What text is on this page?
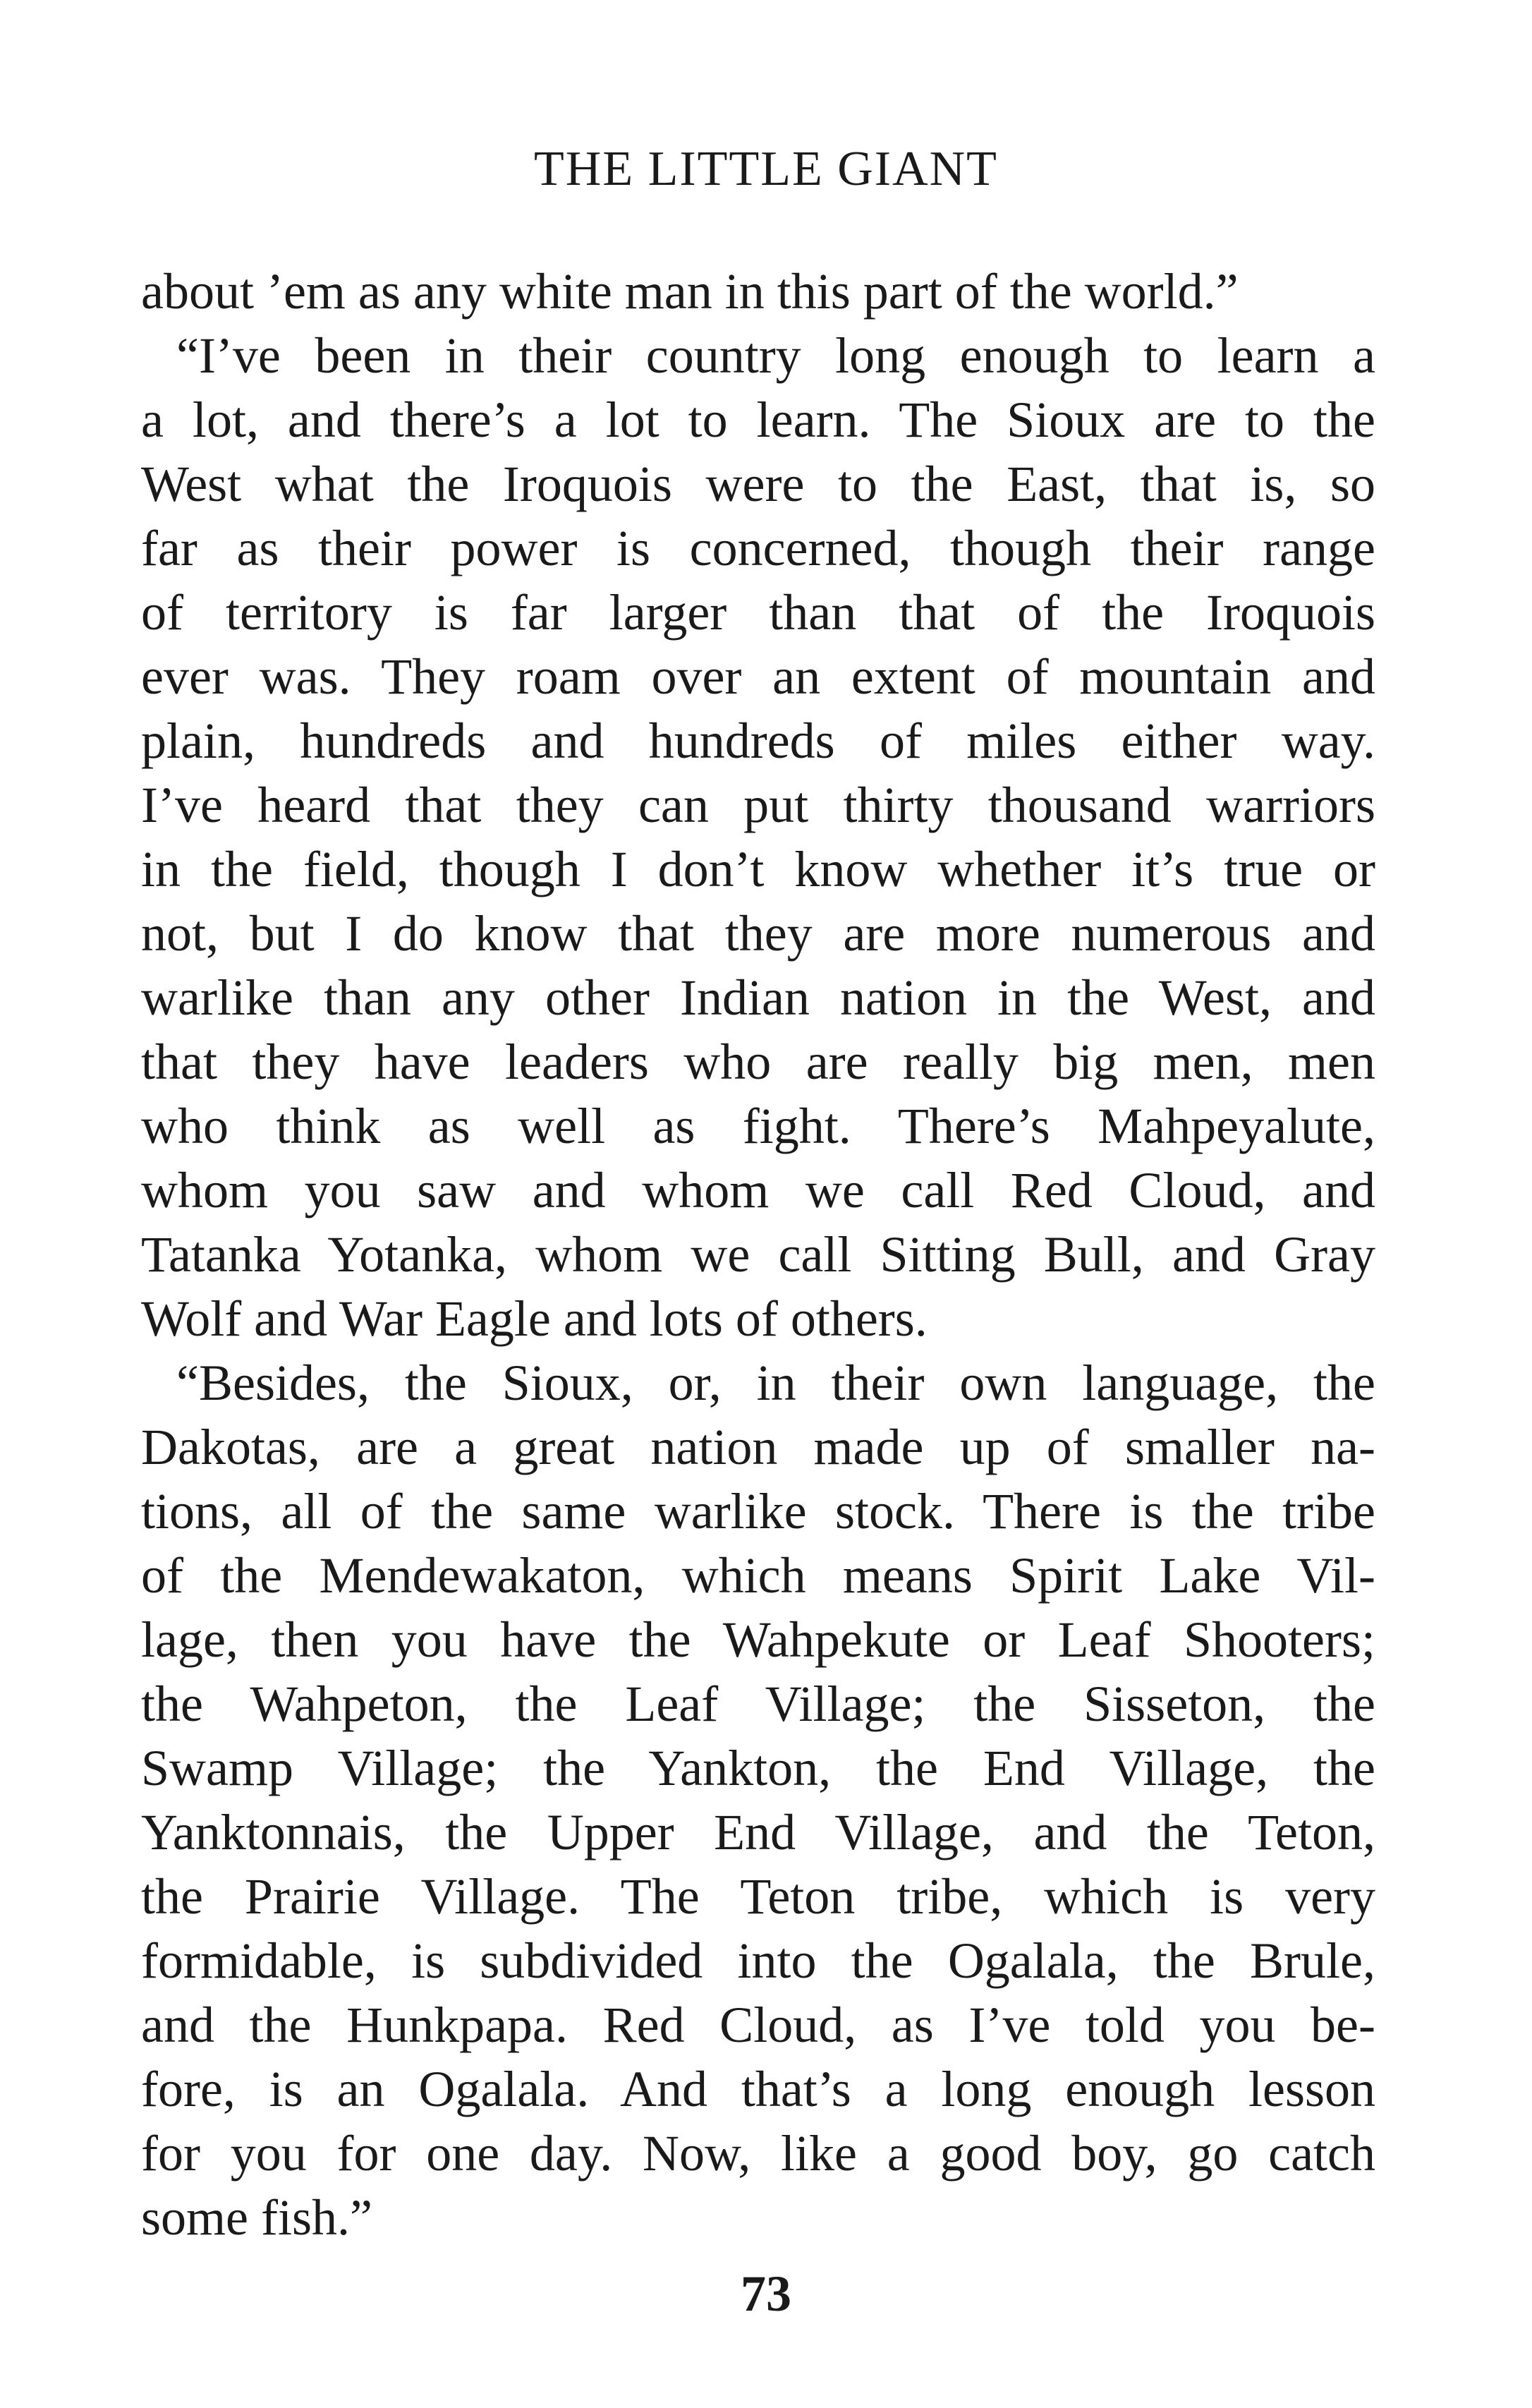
THE LITTLE GIANT
about ’em as any white man in this part of the world.”
“I’ve been in their country long enough to learn a
a lot, and there’s a lot to learn. The Sioux are to the
West what the Iroquois were to the East, that is, so
far as their power is concerned, though their range
of territory is far larger than that of the Iroquois
ever was. They roam over an extent of mountain and
plain, hundreds and hundreds of miles either way.
I’ve heard that they can put thirty thousand warriors
in the field, though I don’t know whether it’s true or
not, but I do know that they are more numerous and
warlike than any other Indian nation in the West, and
that they have leaders who are really big men, men
who think as well as fight. There’s Mahpeyalute,
whom you saw and whom we call Red Cloud, and
Tatanka Yotanka, whom we call Sitting Bull, and Gray
Wolf and War Eagle and lots of others.
“Besides, the Sioux, or, in their own language, the
Dakotas, are a great nation made up of smaller na-
tions, all of the same warlike stock. There is the tribe
of the Mendewakaton, which means Spirit Lake Vil-
lage, then you have the Wahpekute or Leaf Shooters;
the Wahpeton, the Leaf Village; the Sisseton, the
Swamp Village; the Yankton, the End Village, the
Yanktonnais, the Upper End Village, and the Teton,
the Prairie Village. The Teton tribe, which is very
formidable, is subdivided into the Ogalala, the Brule,
and the Hunkpapa. Red Cloud, as I’ve told you be-
fore, is an Ogalala. And that’s a long enough lesson
for you for one day. Now, like a good boy, go catch
some fish.”
73
